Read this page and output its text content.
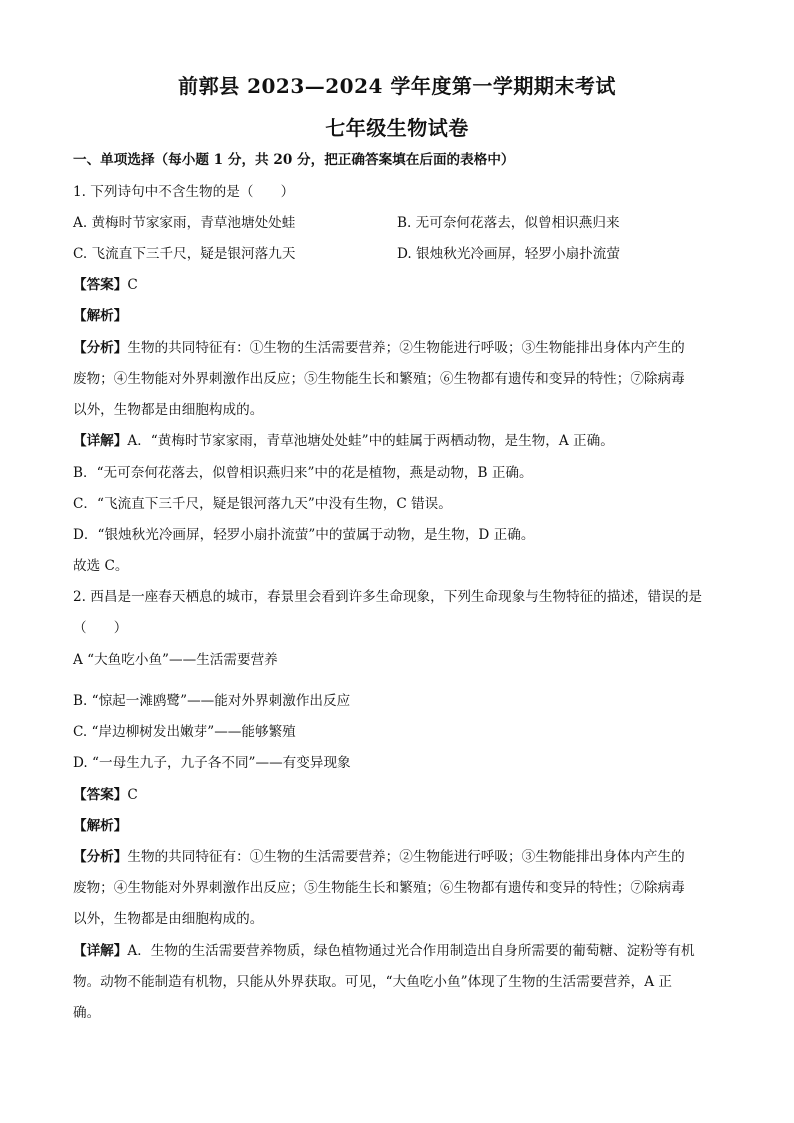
前郭县 2023—2024 学年度第一学期期末考试
七年级生物试卷
一、单项选择（每小题 1 分，共 20 分，把正确答案填在后面的表格中）
1. 下列诗句中不含生物的是（　　）
A. 黄梅时节家家雨，青草池塘处处蛙	B. 无可奈何花落去，似曾相识燕归来
C. 飞流直下三千尺，疑是银河落九天	D. 银烛秋光冷画屏，轻罗小扇扑流萤
【答案】C
【解析】
【分析】生物的共同特征有：①生物的生活需要营养；②生物能进行呼吸；③生物能排出身体内产生的
废物；④生物能对外界刺激作出反应；⑤生物能生长和繁殖；⑥生物都有遗传和变异的特性；⑦除病毒
以外，生物都是由细胞构成的。
【详解】A．“黄梅时节家家雨，青草池塘处处蛙”中的蛙属于两栖动物，是生物，A 正确。
B．“无可奈何花落去，似曾相识燕归来”中的花是植物，燕是动物，B 正确。
C．“飞流直下三千尺，疑是银河落九天”中没有生物，C 错误。
D．“银烛秋光冷画屏，轻罗小扇扑流萤”中的萤属于动物，是生物，D 正确。
故选 C。
2. 西昌是一座春天栖息的城市，春景里会看到许多生命现象，下列生命现象与生物特征的描述，错误的是
（　　）
A “大鱼吃小鱼”——生活需要营养
B. “惊起一滩鸥鹭”——能对外界刺激作出反应
C. “岸边柳树发出嫩芽”——能够繁殖
D. “一母生九子，九子各不同”——有变异现象
【答案】C
【解析】
【分析】生物的共同特征有：①生物的生活需要营养；②生物能进行呼吸；③生物能排出身体内产生的
废物；④生物能对外界刺激作出反应；⑤生物能生长和繁殖；⑥生物都有遗传和变异的特性；⑦除病毒
以外，生物都是由细胞构成的。
【详解】A．生物的生活需要营养物质，绿色植物通过光合作用制造出自身所需要的葡萄糖、淀粉等有机
物。动物不能制造有机物，只能从外界获取。可见，“大鱼吃小鱼”体现了生物的生活需要营养，A 正
确。
